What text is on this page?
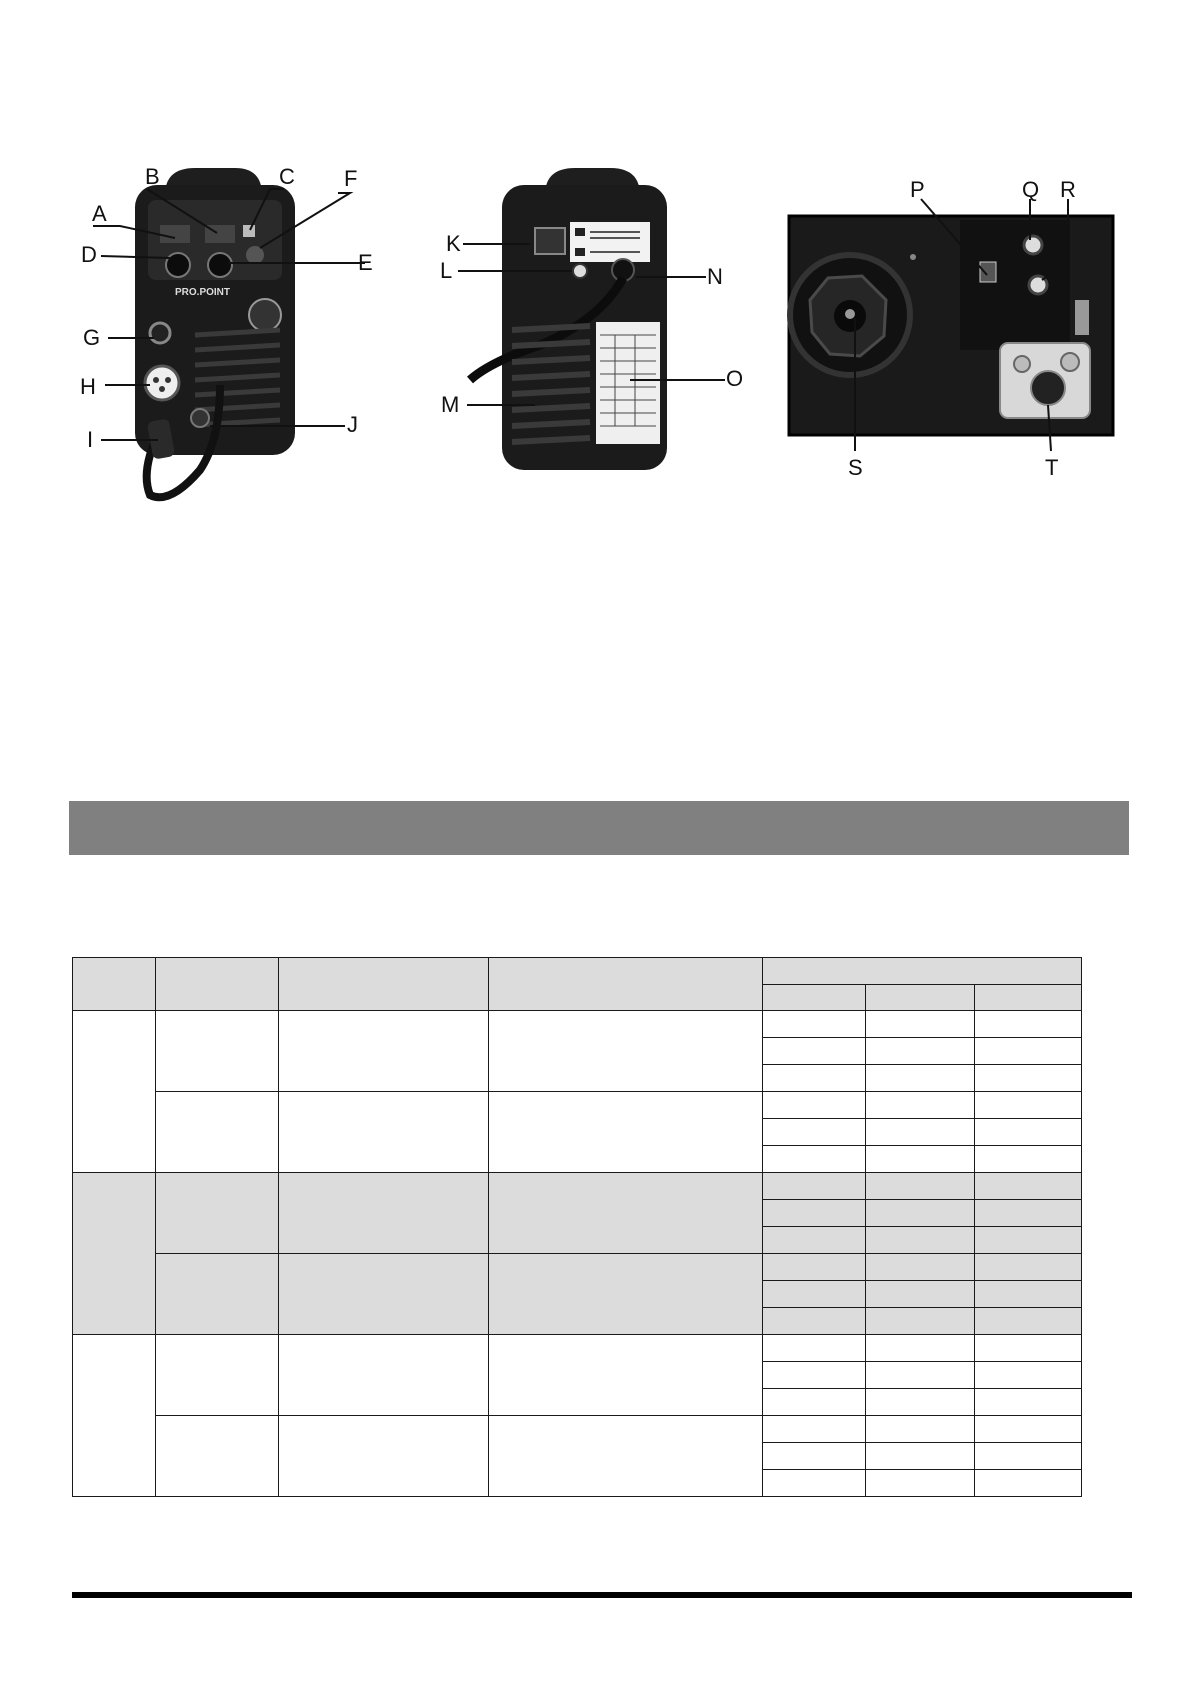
PRO.POINT
A
B	C
D	E
F
G
H
I
J
K
L
M
N
O
P	Q R
S	T
